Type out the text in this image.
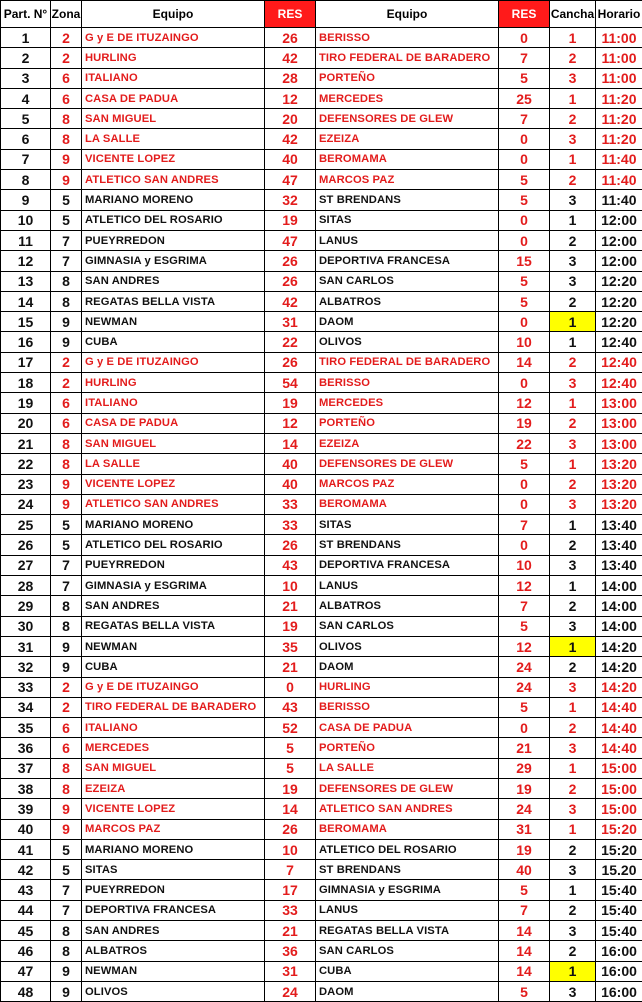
Part. N°	Zona	Equipo	RES	Equipo	RES	Cancha	Horario
1	2	G y E DE ITUZAINGO	26	BERISSO	0	1	11:00
2	2	HURLING	42	TIRO FEDERAL DE BARADERO	7	2	11:00
3	6	ITALIANO	28	PORTEÑO	5	3	11:00
4	6	CASA DE PADUA	12	MERCEDES	25	1	11:20
5	8	SAN MIGUEL	20	DEFENSORES DE GLEW	7	2	11:20
6	8	LA SALLE	42	EZEIZA	0	3	11:20
7	9	VICENTE LOPEZ	40	BEROMAMA	0	1	11:40
8	9	ATLETICO SAN ANDRES	47	MARCOS PAZ	5	2	11:40
9	5	MARIANO MORENO	32	ST BRENDANS	5	3	11:40
10	5	ATLETICO DEL ROSARIO	19	SITAS	0	1	12:00
11	7	PUEYRREDON	47	LANUS	0	2	12:00
12	7	GIMNASIA y ESGRIMA	26	DEPORTIVA FRANCESA	15	3	12:00
13	8	SAN ANDRES	26	SAN CARLOS	5	3	12:20
14	8	REGATAS BELLA VISTA	42	ALBATROS	5	2	12:20
15	9	NEWMAN	31	DAOM	0	1	12:20
16	9	CUBA	22	OLIVOS	10	1	12:40
17	2	G y E DE ITUZAINGO	26	TIRO FEDERAL DE BARADERO	14	2	12:40
18	2	HURLING	54	BERISSO	0	3	12:40
19	6	ITALIANO	19	MERCEDES	12	1	13:00
20	6	CASA DE PADUA	12	PORTEÑO	19	2	13:00
21	8	SAN MIGUEL	14	EZEIZA	22	3	13:00
22	8	LA SALLE	40	DEFENSORES DE GLEW	5	1	13:20
23	9	VICENTE LOPEZ	40	MARCOS PAZ	0	2	13:20
24	9	ATLETICO SAN ANDRES	33	BEROMAMA	0	3	13:20
25	5	MARIANO MORENO	33	SITAS	7	1	13:40
26	5	ATLETICO DEL ROSARIO	26	ST BRENDANS	0	2	13:40
27	7	PUEYRREDON	43	DEPORTIVA FRANCESA	10	3	13:40
28	7	GIMNASIA y ESGRIMA	10	LANUS	12	1	14:00
29	8	SAN ANDRES	21	ALBATROS	7	2	14:00
30	8	REGATAS BELLA VISTA	19	SAN CARLOS	5	3	14:00
31	9	NEWMAN	35	OLIVOS	12	1	14:20
32	9	CUBA	21	DAOM	24	2	14:20
33	2	G y E DE ITUZAINGO	0	HURLING	24	3	14:20
34	2	TIRO FEDERAL DE BARADERO	43	BERISSO	5	1	14:40
35	6	ITALIANO	52	CASA DE PADUA	0	2	14:40
36	6	MERCEDES	5	PORTEÑO	21	3	14:40
37	8	SAN MIGUEL	5	LA SALLE	29	1	15:00
38	8	EZEIZA	19	DEFENSORES DE GLEW	19	2	15:00
39	9	VICENTE LOPEZ	14	ATLETICO SAN ANDRES	24	3	15:00
40	9	MARCOS PAZ	26	BEROMAMA	31	1	15:20
41	5	MARIANO MORENO	10	ATLETICO DEL ROSARIO	19	2	15:20
42	5	SITAS	7	ST BRENDANS	40	3	15.20
43	7	PUEYRREDON	17	GIMNASIA y ESGRIMA	5	1	15:40
44	7	DEPORTIVA FRANCESA	33	LANUS	7	2	15:40
45	8	SAN ANDRES	21	REGATAS BELLA VISTA	14	3	15:40
46	8	ALBATROS	36	SAN CARLOS	14	2	16:00
47	9	NEWMAN	31	CUBA	14	1	16:00
48	9	OLIVOS	24	DAOM	5	3	16:00
